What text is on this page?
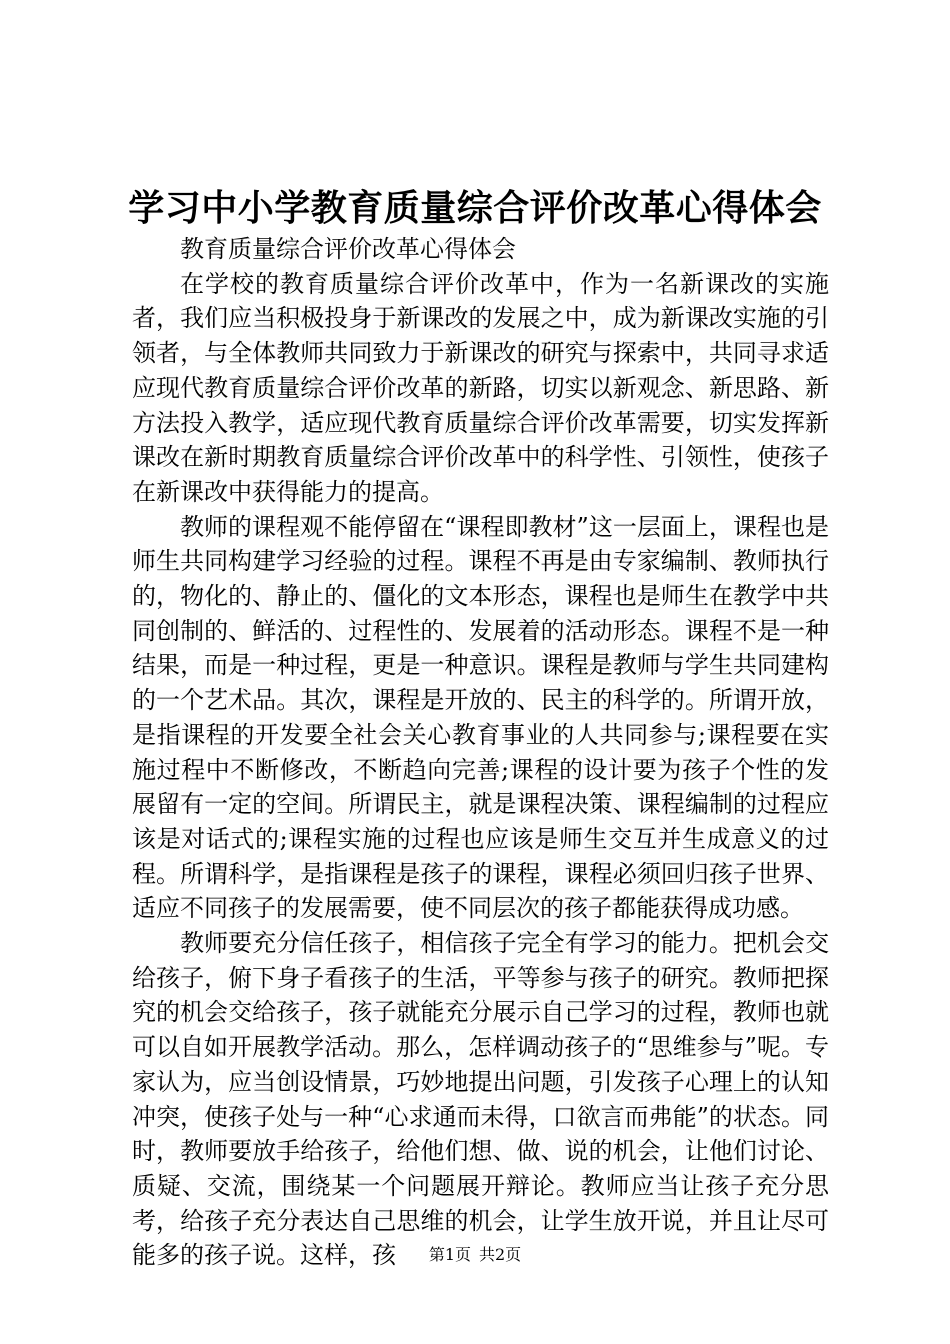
学习中小学教育质量综合评价改革心得体会
教育质量综合评价改革心得体会

在学校的教育质量综合评价改革中，作为一名新课改的实施者，我们应当积极投身于新课改的发展之中，成为新课改实施的引领者，与全体教师共同致力于新课改的研究与探索中，共同寻求适应现代教育质量综合评价改革的新路，切实以新观念、新思路、新方法投入教学，适应现代教育质量综合评价改革需要，切实发挥新课改在新时期教育质量综合评价改革中的科学性、引领性，使孩子在新课改中获得能力的提高。

教师的课程观不能停留在“课程即教材”这一层面上，课程也是师生共同构建学习经验的过程。课程不再是由专家编制、教师执行的，物化的、静止的、僵化的文本形态，课程也是师生在教学中共同创制的、鲜活的、过程性的、发展着的活动形态。课程不是一种结果，而是一种过程，更是一种意识。课程是教师与学生共同建构的一个艺术品。其次，课程是开放的、民主的科学的。所谓开放，是指课程的开发要全社会关心教育事业的人共同参与;课程要在实施过程中不断修改，不断趋向完善;课程的设计要为孩子个性的发展留有一定的空间。所谓民主，就是课程决策、课程编制的过程应该是对话式的;课程实施的过程也应该是师生交互并生成意义的过程。所谓科学，是指课程是孩子的课程，课程必须回归孩子世界、适应不同孩子的发展需要，使不同层次的孩子都能获得成功感。

教师要充分信任孩子，相信孩子完全有学习的能力。把机会交给孩子，俯下身子看孩子的生活，平等参与孩子的研究。教师把探究的机会交给孩子，孩子就能充分展示自己学习的过程，教师也就可以自如开展教学活动。那么，怎样调动孩子的“思维参与”呢。专家认为，应当创设情景，巧妙地提出问题，引发孩子心理上的认知冲突，使孩子处与一种“心求通而未得，口欲言而弗能”的状态。同时，教师要放手给孩子，给他们想、做、说的机会，让他们讨论、质疑、交流，围绕某一个问题展开辩论。教师应当让孩子充分思考，给孩子充分表达自己思维的机会，让学生放开说，并且让尽可能多的孩子说。这样，孩	第1页 共2页
